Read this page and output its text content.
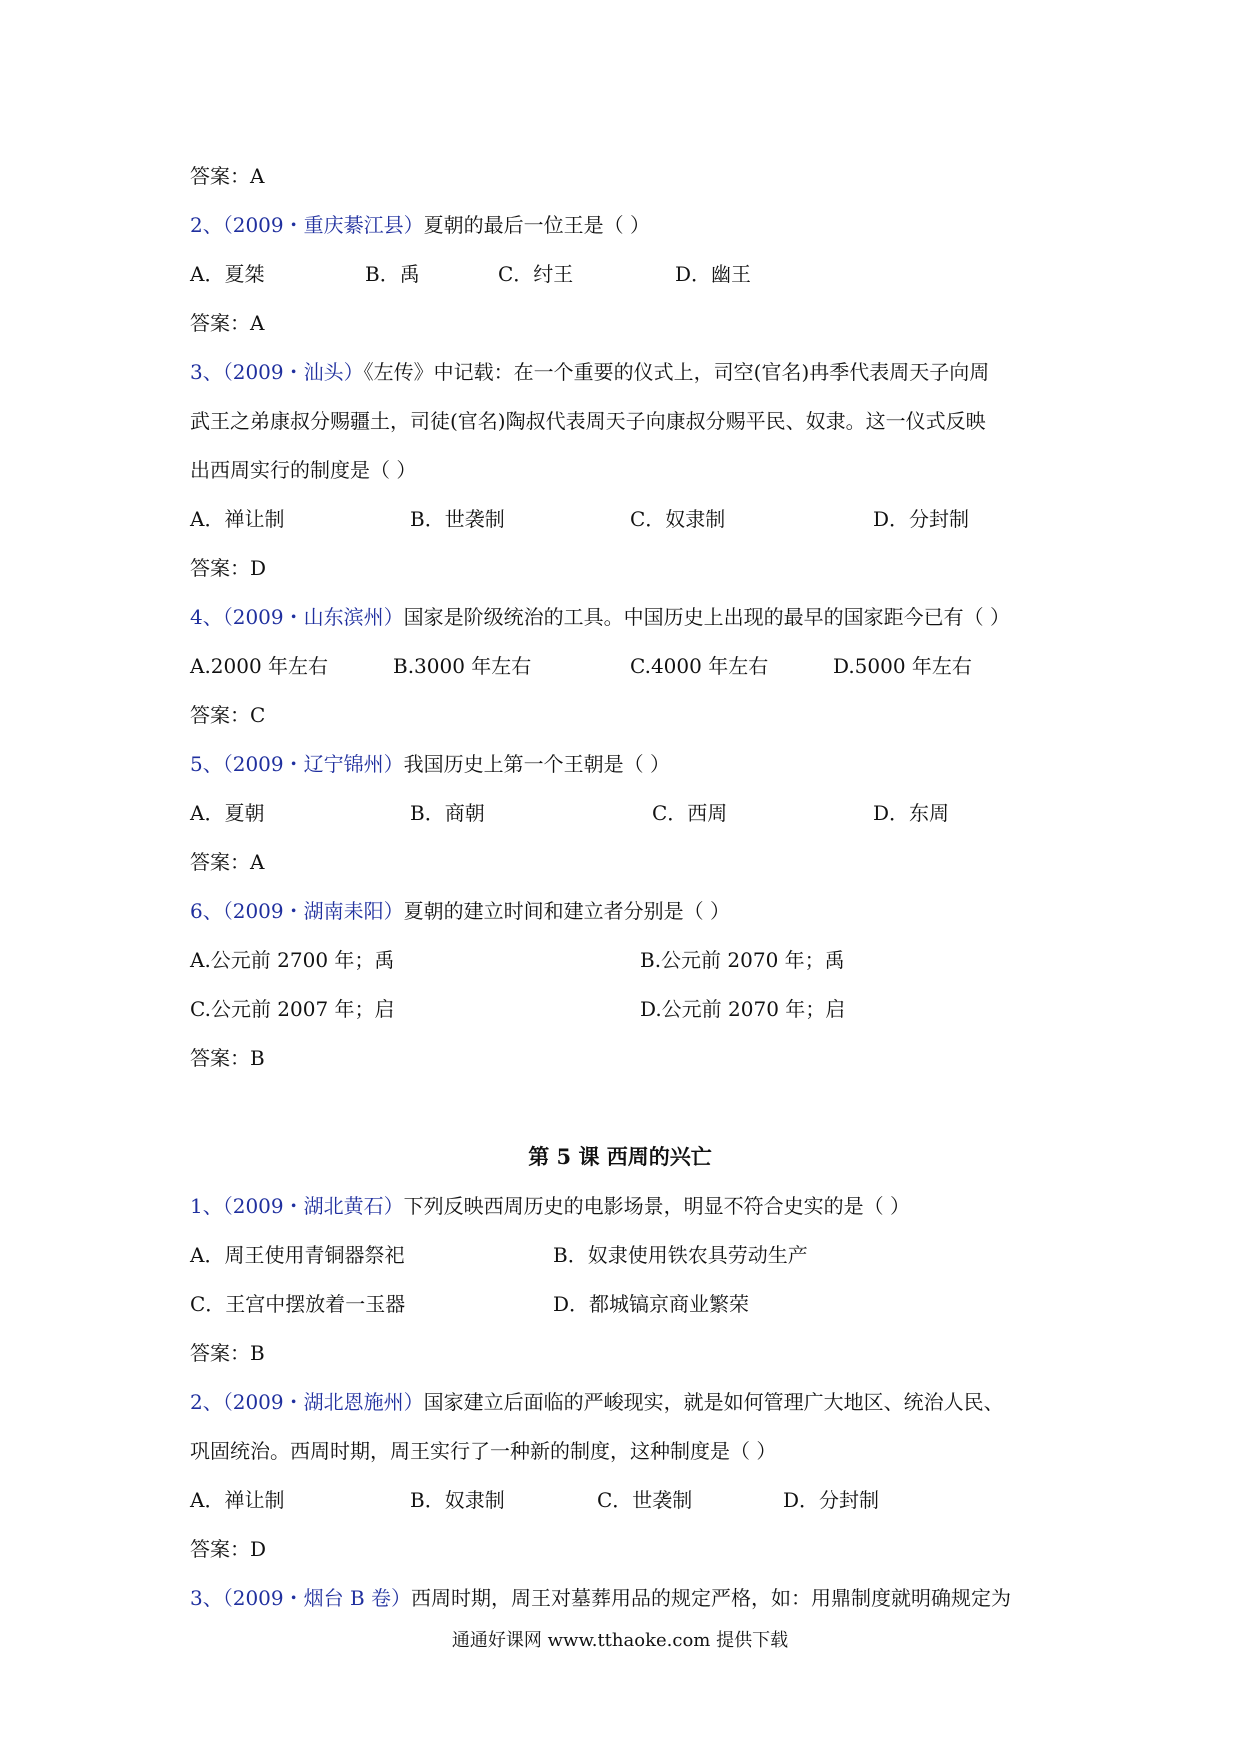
答案：A
2、（2009・重庆綦江县）夏朝的最后一位王是（ ）
A．夏桀	B．禹	C．纣王	D．幽王
答案：A
3、（2009・汕头）《左传》中记载：在一个重要的仪式上，司空(官名)冉季代表周天子向周
武王之弟康叔分赐疆土，司徒(官名)陶叔代表周天子向康叔分赐平民、奴隶。这一仪式反映
出西周实行的制度是（ ）
A．禅让制	B．世袭制	C．奴隶制	D．分封制
答案：D
4、（2009・山东滨州）国家是阶级统治的工具。中国历史上出现的最早的国家距今已有（ ）
A.2000 年左右	B.3000 年左右	C.4000 年左右	D.5000 年左右
答案：C
5、（2009・辽宁锦州）我国历史上第一个王朝是（ ）
A．夏朝	B．商朝	C．西周	D．东周
答案：A
6、（2009・湖南耒阳）夏朝的建立时间和建立者分别是（ ）
A.公元前 2700 年；禹	B.公元前 2070 年；禹
C.公元前 2007 年；启	D.公元前 2070 年；启
答案：B
第 5 课 西周的兴亡
1、（2009・湖北黄石）下列反映西周历史的电影场景，明显不符合史实的是（ ）
A．周王使用青铜器祭祀	B．奴隶使用铁农具劳动生产
C．王宫中摆放着一玉器	D．都城镐京商业繁荣
答案：B
2、（2009・湖北恩施州）国家建立后面临的严峻现实，就是如何管理广大地区、统治人民、
巩固统治。西周时期，周王实行了一种新的制度，这种制度是（ ）
A．禅让制	B．奴隶制	C．世袭制	D．分封制
答案：D
3、（2009・烟台 B 卷）西周时期，周王对墓葬用品的规定严格，如：用鼎制度就明确规定为
通通好课网 www.tthaoke.com 提供下载
